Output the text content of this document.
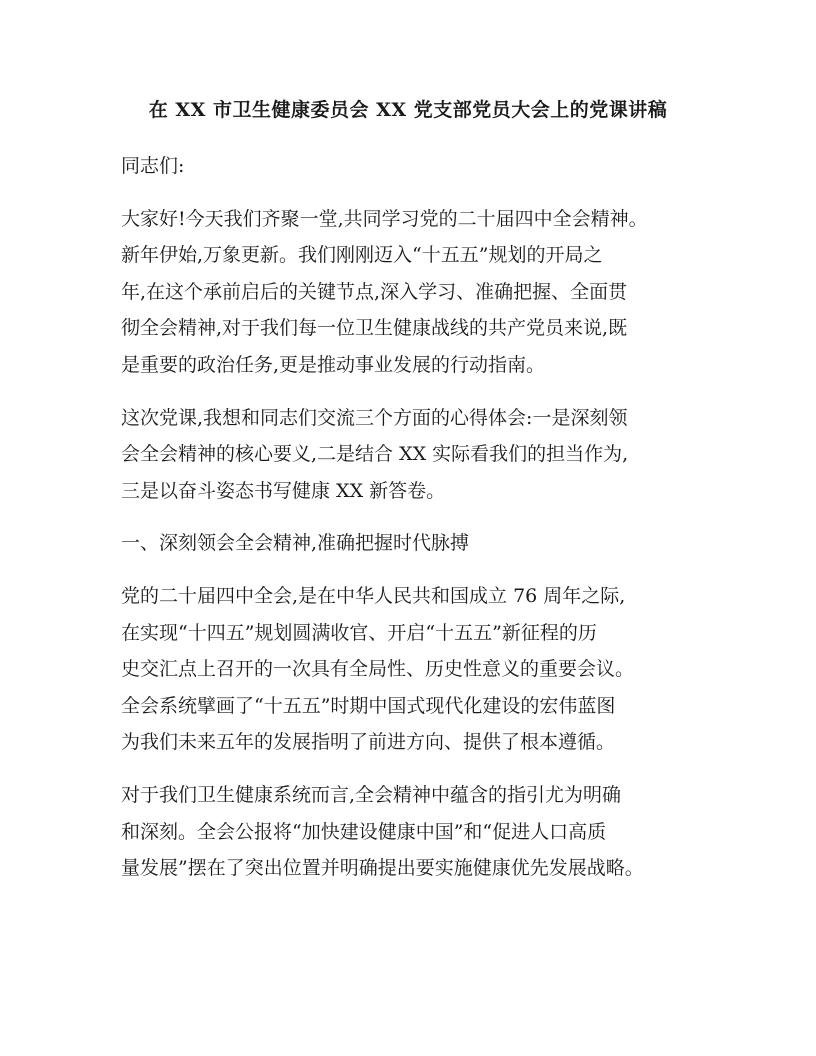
在 XX 市卫生健康委员会 XX 党支部党员大会上的党课讲稿

同志们:

大家好!今天我们齐聚一堂,共同学习党的二十届四中全会精神。
新年伊始,万象更新。我们刚刚迈入“十五五”规划的开局之
年,在这个承前启后的关键节点,深入学习、准确把握、全面贯
彻全会精神,对于我们每一位卫生健康战线的共产党员来说,既
是重要的政治任务,更是推动事业发展的行动指南。

这次党课,我想和同志们交流三个方面的心得体会:一是深刻领
会全会精神的核心要义,二是结合 XX 实际看我们的担当作为,
三是以奋斗姿态书写健康 XX 新答卷。

一、深刻领会全会精神,准确把握时代脉搏

党的二十届四中全会,是在中华人民共和国成立 76 周年之际,
在实现“十四五”规划圆满收官、开启“十五五”新征程的历
史交汇点上召开的一次具有全局性、历史性意义的重要会议。
全会系统擘画了“十五五”时期中国式现代化建设的宏伟蓝图
为我们未来五年的发展指明了前进方向、提供了根本遵循。

对于我们卫生健康系统而言,全会精神中蕴含的指引尤为明确
和深刻。全会公报将“加快建设健康中国”和“促进人口高质
量发展”摆在了突出位置并明确提出要实施健康优先发展战略。
